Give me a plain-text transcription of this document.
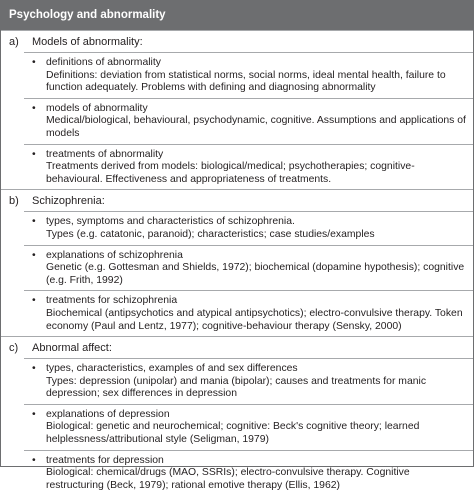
Psychology and abnormality
a) Models of abnormality:
• definitions of abnormality
Definitions: deviation from statistical norms, social norms, ideal mental health, failure to function adequately. Problems with defining and diagnosing abnormality
• models of abnormality
Medical/biological, behavioural, psychodynamic, cognitive. Assumptions and applications of models
• treatments of abnormality
Treatments derived from models: biological/medical; psychotherapies; cognitive-behavioural. Effectiveness and appropriateness of treatments.
b) Schizophrenia:
• types, symptoms and characteristics of schizophrenia.
Types (e.g. catatonic, paranoid); characteristics; case studies/examples
• explanations of schizophrenia
Genetic (e.g. Gottesman and Shields, 1972); biochemical (dopamine hypothesis); cognitive (e.g. Frith, 1992)
• treatments for schizophrenia
Biochemical (antipsychotics and atypical antipsychotics); electro-convulsive therapy. Token economy (Paul and Lentz, 1977); cognitive-behaviour therapy (Sensky, 2000)
c) Abnormal affect:
• types, characteristics, examples of and sex differences
Types: depression (unipolar) and mania (bipolar); causes and treatments for manic depression; sex differences in depression
• explanations of depression
Biological: genetic and neurochemical; cognitive: Beck's cognitive theory; learned helplessness/attributional style (Seligman, 1979)
• treatments for depression
Biological: chemical/drugs (MAO, SSRIs); electro-convulsive therapy. Cognitive restructuring (Beck, 1979); rational emotive therapy (Ellis, 1962)
